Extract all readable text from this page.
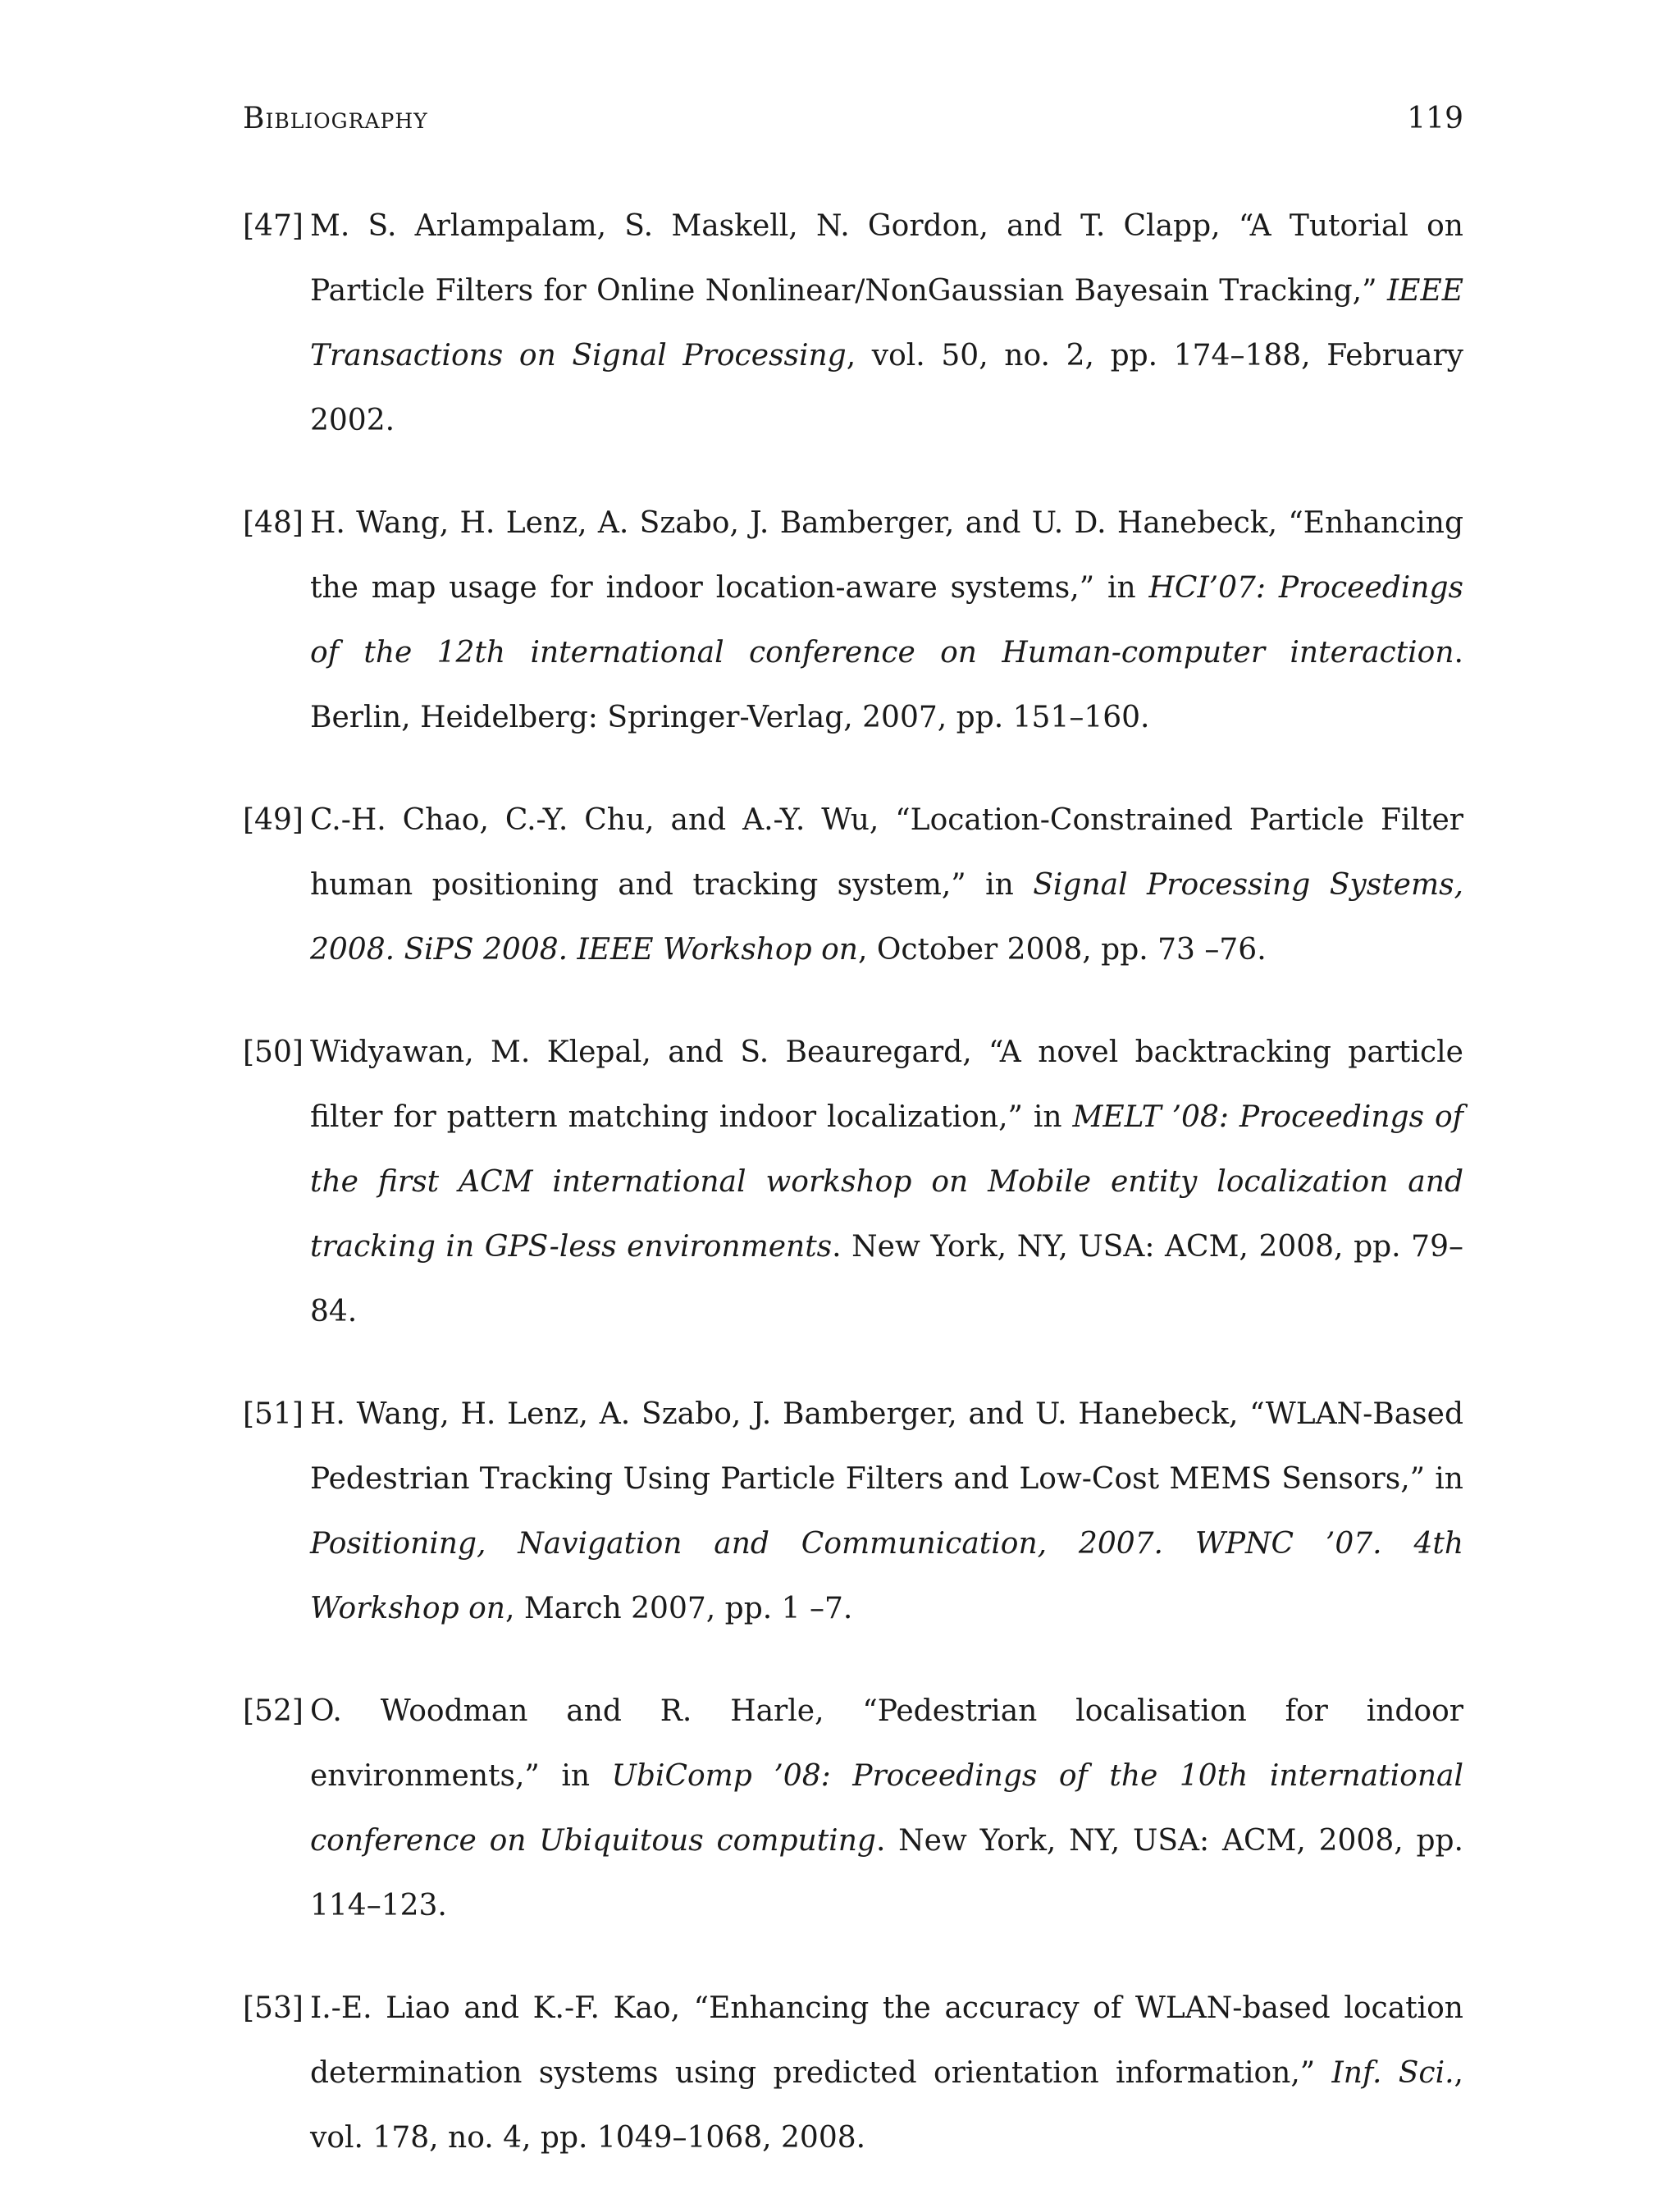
Bibliography	119
[47] M. S. Arlampalam, S. Maskell, N. Gordon, and T. Clapp, “A Tutorial on Particle Filters for Online Nonlinear/NonGaussian Bayesain Tracking,” IEEE Transactions on Signal Processing, vol. 50, no. 2, pp. 174–188, February 2002.
[48] H. Wang, H. Lenz, A. Szabo, J. Bamberger, and U. D. Hanebeck, “Enhancing the map usage for indoor location-aware systems,” in HCI’07: Proceedings of the 12th international conference on Human-computer interaction. Berlin, Heidelberg: Springer-Verlag, 2007, pp. 151–160.
[49] C.-H. Chao, C.-Y. Chu, and A.-Y. Wu, “Location-Constrained Particle Filter human positioning and tracking system,” in Signal Processing Systems, 2008. SiPS 2008. IEEE Workshop on, October 2008, pp. 73 –76.
[50] Widyawan, M. Klepal, and S. Beauregard, “A novel backtracking particle filter for pattern matching indoor localization,” in MELT ’08: Proceedings of the first ACM international workshop on Mobile entity localization and tracking in GPS-less environments. New York, NY, USA: ACM, 2008, pp. 79–84.
[51] H. Wang, H. Lenz, A. Szabo, J. Bamberger, and U. Hanebeck, “WLAN-Based Pedestrian Tracking Using Particle Filters and Low-Cost MEMS Sensors,” in Positioning, Navigation and Communication, 2007. WPNC ’07. 4th Workshop on, March 2007, pp. 1 –7.
[52] O. Woodman and R. Harle, “Pedestrian localisation for indoor environments,” in UbiComp ’08: Proceedings of the 10th international conference on Ubiquitous computing. New York, NY, USA: ACM, 2008, pp. 114–123.
[53] I.-E. Liao and K.-F. Kao, “Enhancing the accuracy of WLAN-based location determination systems using predicted orientation information,” Inf. Sci., vol. 178, no. 4, pp. 1049–1068, 2008.
